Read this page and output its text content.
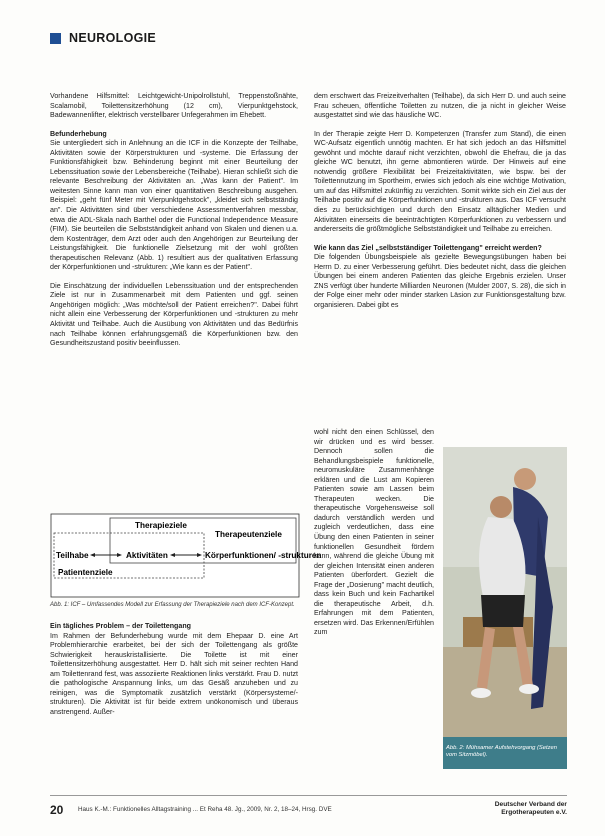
NEUROLOGIE

Vorhandene Hilfsmittel: Leichtgewicht-Unipolrollstuhl, Treppenstoßnähte, Scalamobil, Toilettensitzerhöhung (12 cm), Vierpunktgehstock, Badewannenlifter, elektrisch verstellbarer Unfegerahmen im Ehebett.

Befunderhebung

Sie untergliedert sich in Anlehnung an die ICF in die Konzepte der Teilhabe, Aktivitäten sowie der Körperstrukturen und -systeme. Die Erfassung der Funktionsfähigkeit bzw. Behinderung beginnt mit einer Beurteilung der Lebenssituation sowie der Lebensbereiche (Teilhabe). Hieran schließt sich die relevante Beschreibung der Aktivitäten an. „Was kann der Patient". Im weitesten Sinne kann man von einer quantitativen Beschreibung ausgehen. Beispiel: „geht fünf Meter mit Vierpunktgehstock", „kleidet sich selbstständig an". Die Aktivitäten sind über verschiedene Assessmentverfahren messbar, etwa die ADL-Skala nach Barthel oder die Functional Independence Measure (FIM). Sie beurteilen die Selbstständigkeit anhand von Skalen und dienen u.a. dem Kostenträger, dem Arzt oder auch den Angehörigen zur Beurteilung der Leistungsfähigkeit. Die funktionelle Zielsetzung mit der wohl größten therapeutischen Relevanz (Abb. 1) resultiert aus der qualitativen Erfassung der Körperfunktionen und -strukturen: „Wie kann es der Patient".

Die Einschätzung der individuellen Lebenssituation und der entsprechenden Ziele ist nur in Zusammenarbeit mit dem Patienten und ggf. seinen Angehörigen möglich: „Was möchte/soll der Patient erreichen?". Dabei führt nicht allein eine Verbesserung der Körperfunktionen und -strukturen zu mehr Aktivität und Teilhabe. Auch die Ausübung von Aktivitäten und das Bedürfnis nach Teilhabe können erfahrungsgemäß die Körperfunktionen bzw. den Gesundheitszustand positiv beeinflussen.

Therapieziele
Therapeutenziele
Teilhabe	Aktivitäten	Körperfunktionen/ -strukturen
Patientenziele
Abb. 1: ICF – Umfassendes Modell zur Erfassung der Therapieziele nach dem ICF-Konzept.

Ein tägliches Problem – der Toilettengang

Im Rahmen der Befunderhebung wurde mit dem Ehepaar D. eine Art Problemhierarchie erarbeitet, bei der sich der Toilettengang als größte Schwierigkeit herauskristallisierte. Die Toilette ist mit einer Toilettensitzerhöhung ausgestattet. Herr D. hält sich mit seiner rechten Hand am Toilettenrand fest, was assoziierte Reaktionen links verstärkt. Frau D. nutzt die pathologische Anspannung links, um das Gesäß anzuheben und zu reinigen, was die Symptomatik zusätzlich verstärkt (Körpersysteme/-strukturen). Die Aktivität ist für beide extrem unökonomisch und überaus anstrengend. Außer-

dem erschwert das Freizeitverhalten (Teilhabe), da sich Herr D. und auch seine Frau scheuen, öffentliche Toiletten zu nutzen, die ja nicht in gleicher Weise ausgestattet sind wie das häusliche WC.

In der Therapie zeigte Herr D. Kompetenzen (Transfer zum Stand), die einen WC-Aufsatz eigentlich unnötig machten. Er hat sich jedoch an das Hilfsmittel gewöhnt und möchte darauf nicht verzichten, obwohl die Ehefrau, die ja das gleiche WC benutzt, ihn gerne abmontieren würde. Der Hinweis auf eine notwendig größere Flexibilität bei Freizeitaktivitäten, wie bspw. bei der Toilettennutzung im Sportheim, erwies sich jedoch als eine wichtige Motivation, um auf das Hilfsmittel zukünftig zu verzichten. Somit wirkte sich ein Ziel aus der Teilhabe positiv auf die Körperfunktionen und -strukturen aus. Das ICF versucht dies zu berücksichtigen und durch den Einsatz alltäglicher Medien und Aktivitäten einerseits die beeinträchtigten Körperfunktionen zu verbessern und andererseits die größtmögliche Selbstständigkeit und Teilhabe zu erreichen.

Wie kann das Ziel „selbstständiger Toilettengang" erreicht werden?

Die folgenden Übungsbeispiele als gezielte Bewegungsübungen haben bei Herrn D. zu einer Verbesserung geführt. Dies bedeutet nicht, dass die gleichen Übungen bei einem anderen Patienten das gleiche Ergebnis erzielen. Unser ZNS verfügt über hunderte Milliarden Neuronen (Mulder 2007, S. 28), die sich in der Folge einer mehr oder minder starken Läsion zur Funktionsgestaltung bzw. organisieren. Dabei gibt es

wohl nicht den einen Schlüssel, den wir drücken und es wird besser. Dennoch sollen die Behandlungsbeispiele funktionelle, neuromuskuläre Zusammenhänge erklären und die Lust am Kopieren Patienten sowie am Lassen beim Therapeuten wecken. Die therapeutische Vorgehensweise soll dadurch verständlich werden und zugleich verdeutlichen, dass eine Übung den einen Patienten in seiner funktionellen Gesundheit fördern kann, während die gleiche Übung mit der gleichen Intensität einen anderen Patienten überfordert. Gezielt die Frage der „Dosierung" macht deutlich, dass kein Buch und kein Fachartikel die therapeutische Arbeit, d.h. Erfahrungen mit dem Patienten, ersetzen wird. Das Erkennen/Erfühlen zum
Abb. 2: Mühsamer Aufstehvorgang (Setzen vom Sitzmöbel).
20 Haus K.-M.: Funktionelles Alltagstraining ... Et Reha 48. Jg., 2009, Nr. 2, 18–24, Hrsg. DVE
Deutscher Verband der Ergotherapeuten e.V.
